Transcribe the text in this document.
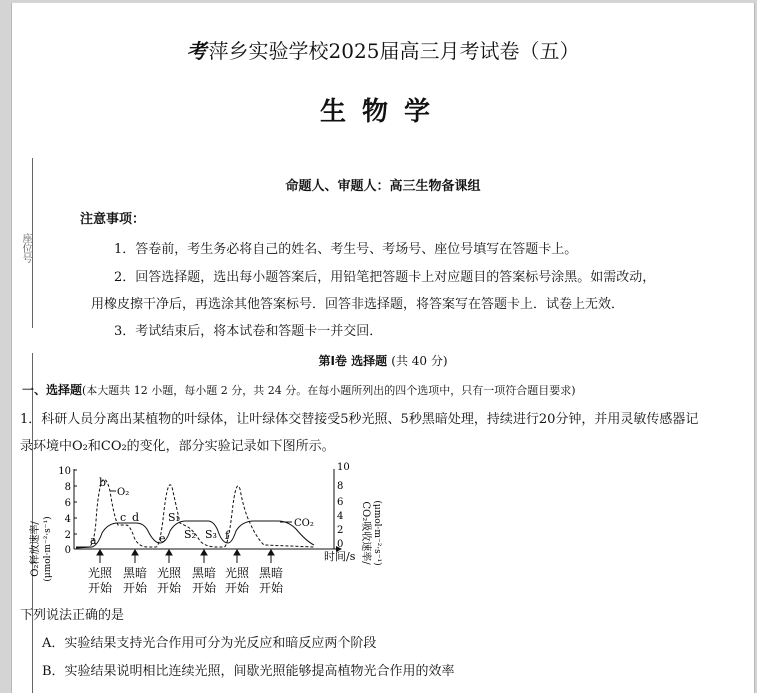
座位号
考 萍乡实验学校2025届高三月考试卷（五）
生物学
命题人、审题人：高三生物备课组
注意事项：
1．答卷前，考生务必将自己的姓名、考生号、考场号、座位号填写在答题卡上。
2．回答选择题，选出每小题答案后，用铅笔把答题卡上对应题目的答案标号涂黑。如需改动，
用橡皮擦干净后，再选涂其他答案标号．回答非选择题，将答案写在答题卡上．试卷上无效．
3．考试结束后，将本试卷和答题卡一并交回．
第Ⅰ卷 选择题 (共 40 分)
一、选择题(本大题共 12 小题，每小题 2 分，共 24 分。在每小题所列出的四个选项中，只有一项符合题目要求)
1．科研人员分离出某植物的叶绿体，让叶绿体交替接受5秒光照、5秒黑暗处理，持续进行20分钟，并用灵敏传感器记
录环境中O₂和CO₂的变化，部分实验记录如下图所示。
O₂释放速率/ (μmol·m⁻²·s⁻¹)	CO₂吸收速率/ (μmol·m⁻²·s⁻¹)
时间/s
10
8
6
4
2
0
10
8
6
4
2
0
a
b
c d
e
S₁
S₂ S₃ f
O₂
CO₂
光照
开始
黑暗
开始
光照
开始
黑暗
开始
光照
开始
黑暗
开始
下列说法正确的是
A．实验结果支持光合作用可分为光反应和暗反应两个阶段
B．实验结果说明相比连续光照，间歇光照能够提高植物光合作用的效率
